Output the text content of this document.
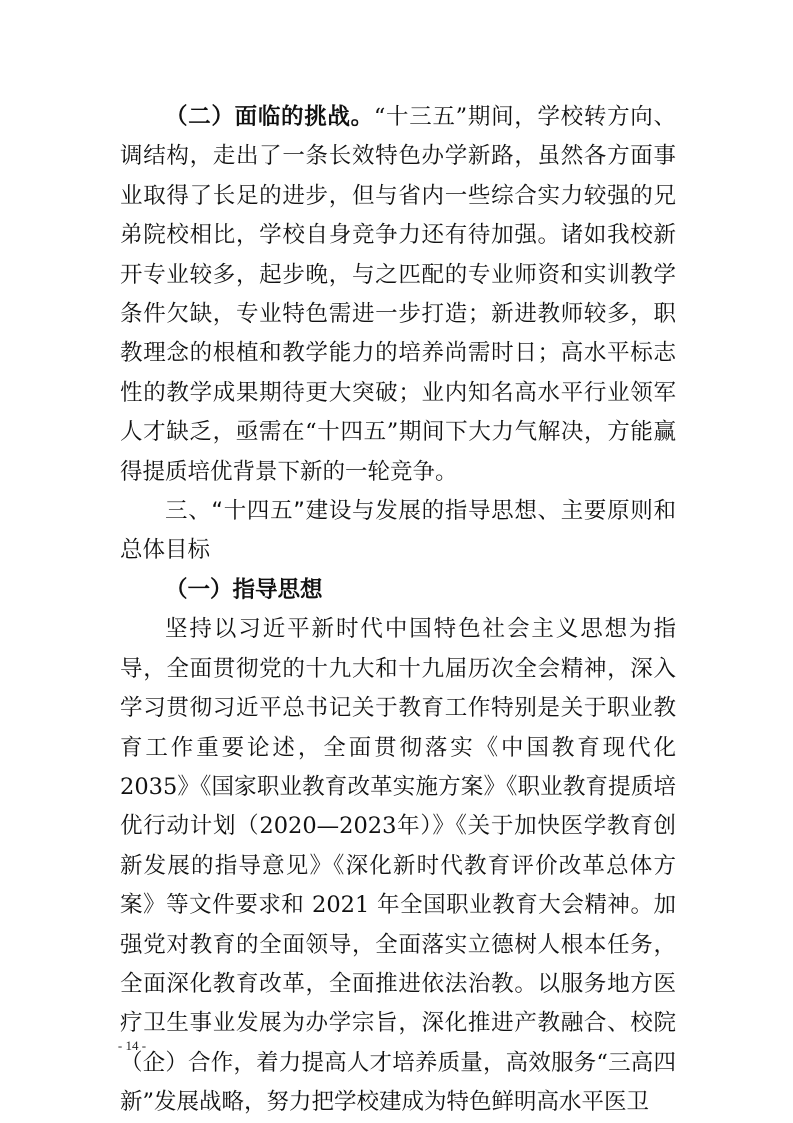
（二）面临的挑战。“十三五”期间，学校转方向、调结构，走出了一条长效特色办学新路，虽然各方面事业取得了长足的进步，但与省内一些综合实力较强的兄弟院校相比，学校自身竞争力还有待加强。诸如我校新开专业较多，起步晚，与之匹配的专业师资和实训教学条件欠缺，专业特色需进一步打造；新进教师较多，职教理念的根植和教学能力的培养尚需时日；高水平标志性的教学成果期待更大突破；业内知名高水平行业领军人才缺乏，亟需在“十四五”期间下大力气解决，方能赢得提质培优背景下新的一轮竞争。

三、“十四五”建设与发展的指导思想、主要原则和总体目标

（一）指导思想

坚持以习近平新时代中国特色社会主义思想为指导，全面贯彻党的十九大和十九届历次全会精神，深入学习贯彻习近平总书记关于教育工作特别是关于职业教育工作重要论述，全面贯彻落实《中国教育现代化 2035》《国家职业教育改革实施方案》《职业教育提质培优行动计划（2020—2023年）》《关于加快医学教育创新发展的指导意见》《深化新时代教育评价改革总体方案》等文件要求和 2021 年全国职业教育大会精神。加强党对教育的全面领导，全面落实立德树人根本任务，全面深化教育改革，全面推进依法治教。以服务地方医疗卫生事业发展为办学宗旨，深化推进产教融合、校院（企）合作，着力提高人才培养质量，高效服务“三高四新”发展战略，努力把学校建成为特色鲜明高水平医卫

- 14 -
